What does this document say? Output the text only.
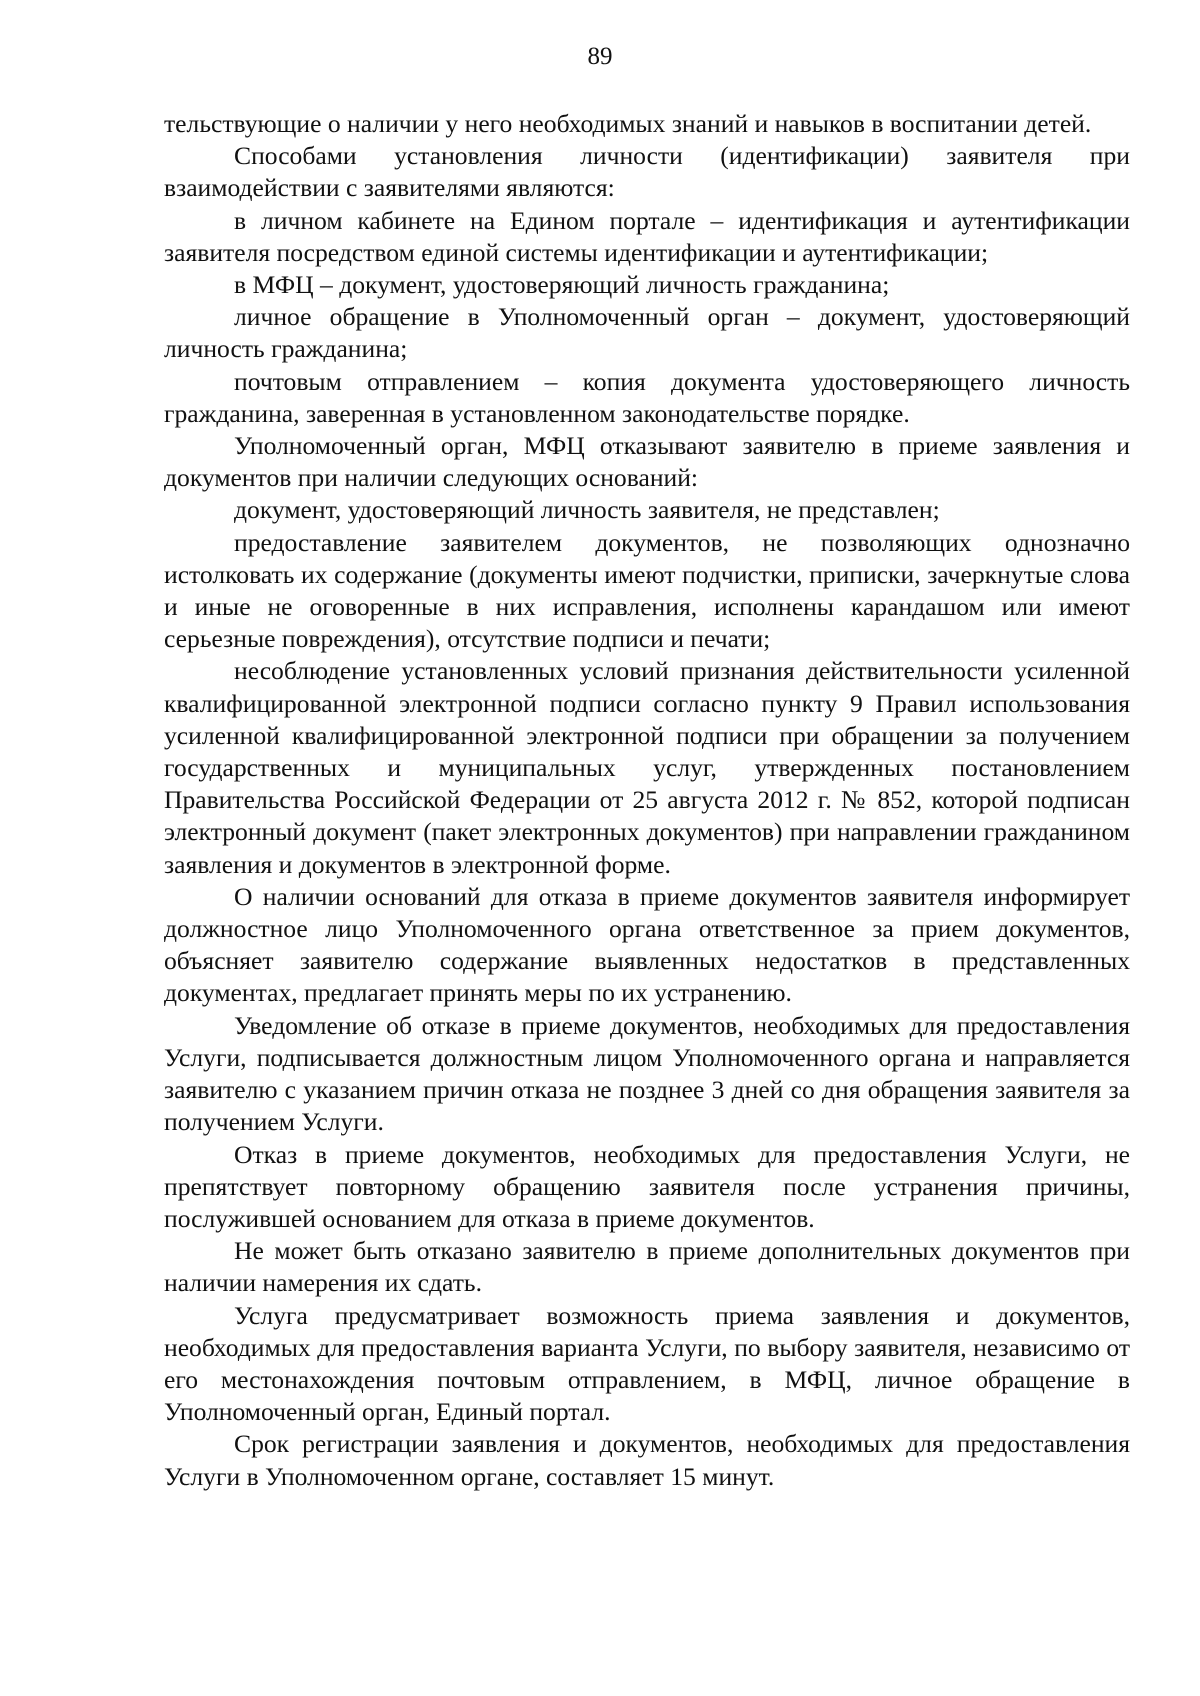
89

тельствующие о наличии у него необходимых знаний и навыков в воспитании детей.

Способами установления личности (идентификации) заявителя при взаимодействии с заявителями являются:

в личном кабинете на Едином портале – идентификация и аутентификации заявителя посредством единой системы идентификации и аутентификации;

в МФЦ – документ, удостоверяющий личность гражданина;

личное обращение в Уполномоченный орган – документ, удостоверяющий личность гражданина;

почтовым отправлением – копия документа удостоверяющего личность гражданина, заверенная в установленном законодательстве порядке.

Уполномоченный орган, МФЦ отказывают заявителю в приеме заявления и документов при наличии следующих оснований:

документ, удостоверяющий личность заявителя, не представлен;

предоставление заявителем документов, не позволяющих однозначно истолковать их содержание (документы имеют подчистки, приписки, зачеркнутые слова и иные не оговоренные в них исправления, исполнены карандашом или имеют серьезные повреждения), отсутствие подписи и печати;

несоблюдение установленных условий признания действительности усиленной квалифицированной электронной подписи согласно пункту 9 Правил использования усиленной квалифицированной электронной подписи при обращении за получением государственных и муниципальных услуг, утвержденных постановлением Правительства Российской Федерации от 25 августа 2012 г. № 852, которой подписан электронный документ (пакет электронных документов) при направлении гражданином заявления и документов в электронной форме.

О наличии оснований для отказа в приеме документов заявителя информирует должностное лицо Уполномоченного органа ответственное за прием документов, объясняет заявителю содержание выявленных недостатков в представленных документах, предлагает принять меры по их устранению.

Уведомление об отказе в приеме документов, необходимых для предоставления Услуги, подписывается должностным лицом Уполномоченного органа и направляется заявителю с указанием причин отказа не позднее 3 дней со дня обращения заявителя за получением Услуги.

Отказ в приеме документов, необходимых для предоставления Услуги, не препятствует повторному обращению заявителя после устранения причины, послужившей основанием для отказа в приеме документов.

Не может быть отказано заявителю в приеме дополнительных документов при наличии намерения их сдать.

Услуга предусматривает возможность приема заявления и документов, необходимых для предоставления варианта Услуги, по выбору заявителя, независимо от его местонахождения почтовым отправлением, в МФЦ, личное обращение в Уполномоченный орган, Единый портал.

Срок регистрации заявления и документов, необходимых для предоставления Услуги в Уполномоченном органе, составляет 15 минут.
